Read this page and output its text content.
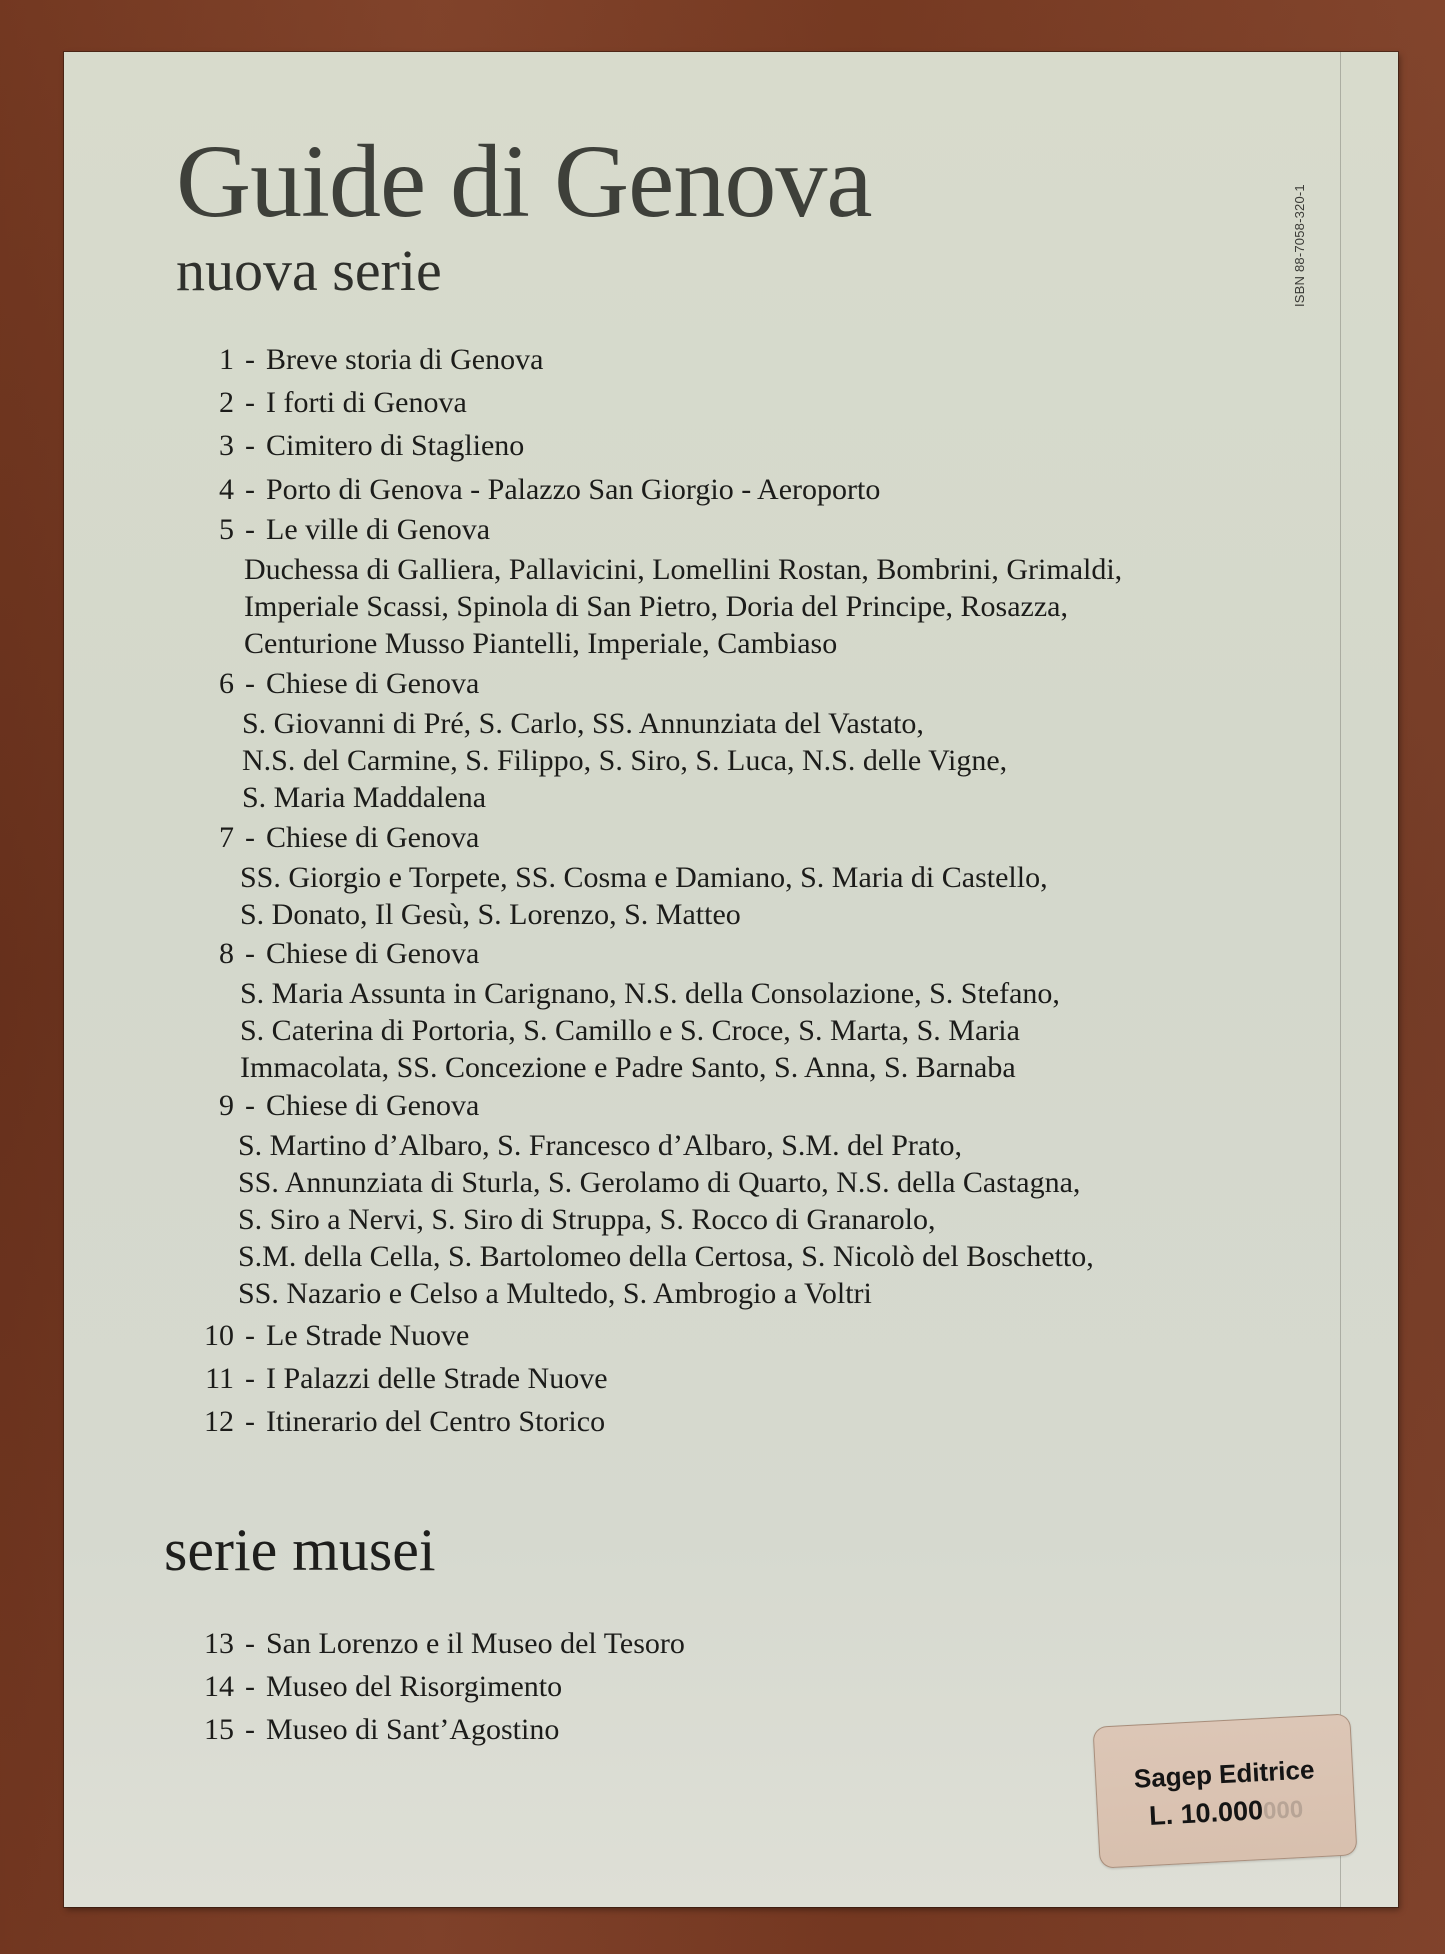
ISBN 88-7058-320-1
Guide di Genova
nuova serie
1 - Breve storia di Genova
2 - I forti di Genova
3 - Cimitero di Staglieno
4 - Porto di Genova - Palazzo San Giorgio - Aeroporto
5 - Le ville di Genova
Duchessa di Galliera, Pallavicini, Lomellini Rostan, Bombrini, Grimaldi,
Imperiale Scassi, Spinola di San Pietro, Doria del Principe, Rosazza,
Centurione Musso Piantelli, Imperiale, Cambiaso
6 - Chiese di Genova
S. Giovanni di Pré, S. Carlo, SS. Annunziata del Vastato,
N.S. del Carmine, S. Filippo, S. Siro, S. Luca, N.S. delle Vigne,
S. Maria Maddalena
7 - Chiese di Genova
SS. Giorgio e Torpete, SS. Cosma e Damiano, S. Maria di Castello,
S. Donato, Il Gesù, S. Lorenzo, S. Matteo
8 - Chiese di Genova
S. Maria Assunta in Carignano, N.S. della Consolazione, S. Stefano,
S. Caterina di Portoria, S. Camillo e S. Croce, S. Marta, S. Maria
Immacolata, SS. Concezione e Padre Santo, S. Anna, S. Barnaba
9 - Chiese di Genova
S. Martino d’Albaro, S. Francesco d’Albaro, S.M. del Prato,
SS. Annunziata di Sturla, S. Gerolamo di Quarto, N.S. della Castagna,
S. Siro a Nervi, S. Siro di Struppa, S. Rocco di Granarolo,
S.M. della Cella, S. Bartolomeo della Certosa, S. Nicolò del Boschetto,
SS. Nazario e Celso a Multedo, S. Ambrogio a Voltri
10 - Le Strade Nuove
11 - I Palazzi delle Strade Nuove
12 - Itinerario del Centro Storico
serie musei
13 - San Lorenzo e il Museo del Tesoro
14 - Museo del Risorgimento
15 - Museo di Sant’Agostino
Sagep Editrice
L. 10.000000
